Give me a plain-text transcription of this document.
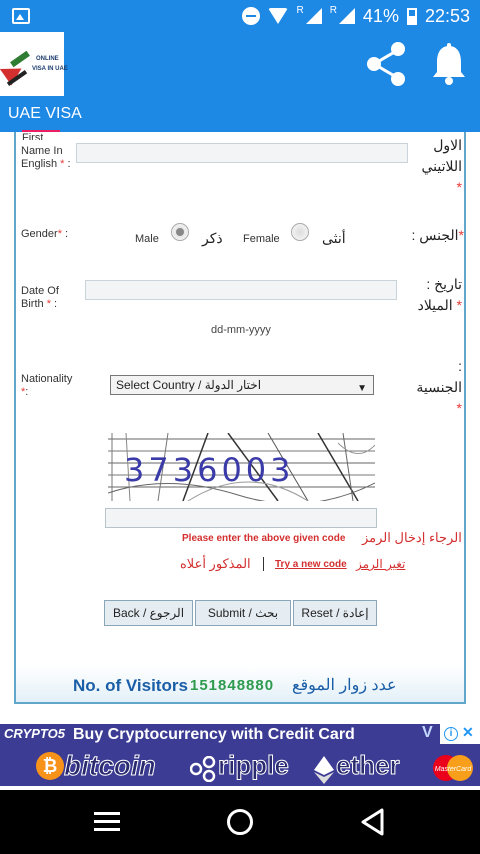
R	R 41% 22:53
ONLINE
VISA IN UAE
UAE VISA
First
Name In
English * :
الاول
اللاتيني
*
Gender* :	Male	ذكر Female	أنثى	*الجنس :
Date Of
Birth * :
dd-mm-yyyy
تاريخ :
* الميلاد
Nationality
*:	Select Country / اختار الدولة	▼
:
الجنسية
*
3736003
Please enter the above given code الرجاء إدخال الرمز
المذكور أعلاه Try a new code تغير الرمز
Back / الرجوع	Submit / بحث	Reset / إعادة
No. of Visitors 151848880 عدد زوار الموقع
CRYPTO5 Buy Cryptocurrency with Credit Card
₿ bitcoin ripple ether	MasterCard
V	i ✕
